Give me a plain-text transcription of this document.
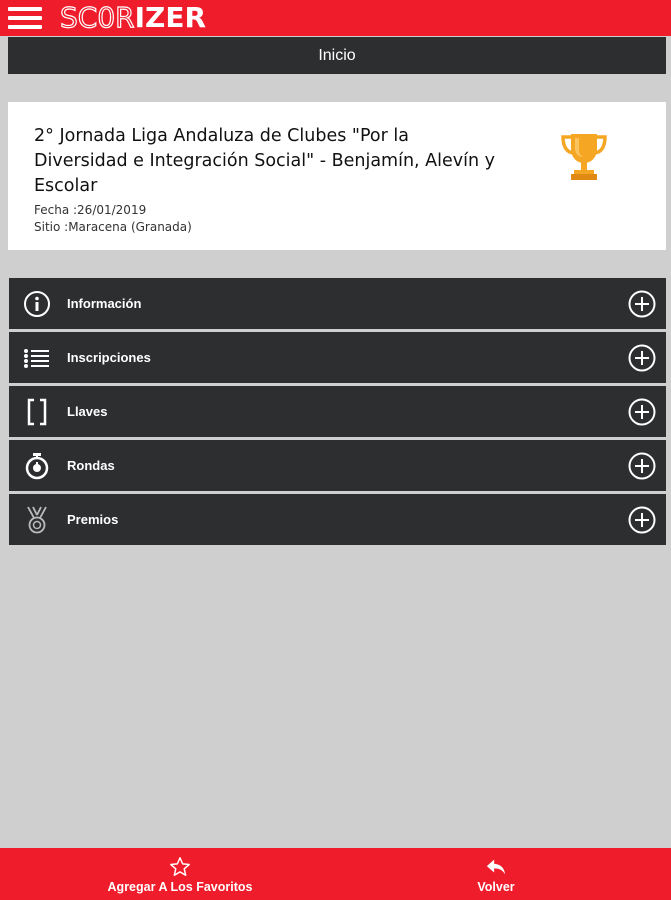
SC0RIZER
Inicio
2° Jornada Liga Andaluza de Clubes "Por la Diversidad e Integración Social" - Benjamín, Alevín y Escolar
Fecha :26/01/2019
Sitio :Maracena (Granada)
Información
Inscripciones
Llaves
Rondas
Premios
Agregar A Los Favoritos	Volver
